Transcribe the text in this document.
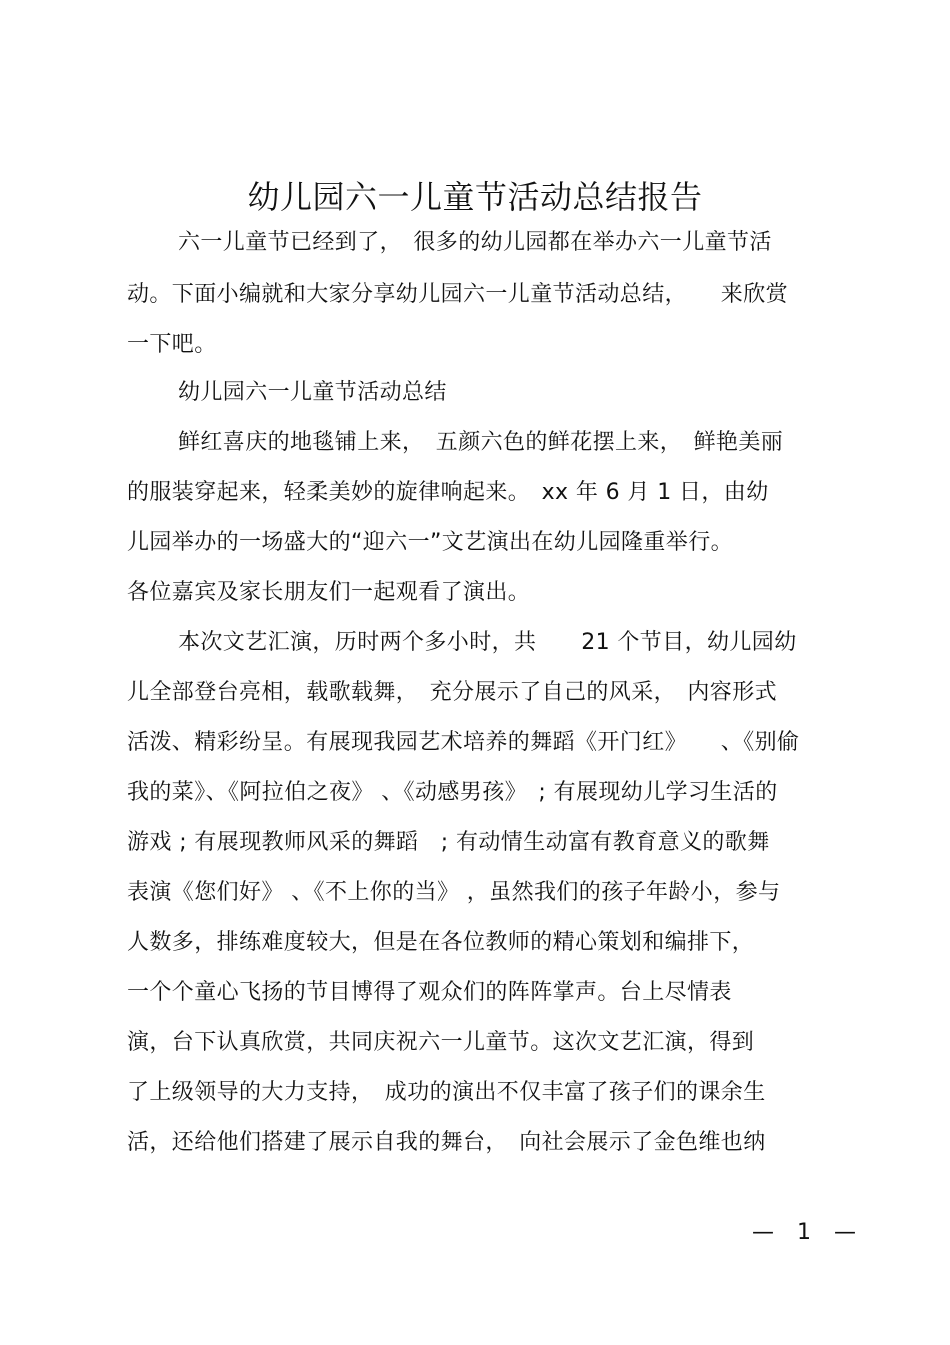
幼儿园六一儿童节活动总结报告
六一儿童节已经到了，　很多的幼儿园都在举办六一儿童节活
动。下面小编就和大家分享幼儿园六一儿童节活动总结，　　来欣赏
一下吧。
幼儿园六一儿童节活动总结
鲜红喜庆的地毯铺上来，　五颜六色的鲜花摆上来，　鲜艳美丽
的服装穿起来，轻柔美妙的旋律响起来。　xx 年 6 月 1 日，由幼
儿园举办的一场盛大的“迎六一”文艺演出在幼儿园隆重举行。
各位嘉宾及家长朋友们一起观看了演出。
本次文艺汇演，历时两个多小时，共　　21 个节目，幼儿园幼
儿全部登台亮相，载歌载舞，　充分展示了自己的风采，　内容形式
活泼、精彩纷呈。有展现我园艺术培养的舞蹈《开门红》　　、《别偷
我的菜》、《阿拉伯之夜》 、《动感男孩》　; 有展现幼儿学习生活的
游戏 ; 有展现教师风采的舞蹈　; 有动情生动富有教育意义的歌舞
表演《您们好》 、《不上你的当》 ，虽然我们的孩子年龄小，参与
人数多，排练难度较大，但是在各位教师的精心策划和编排下，
一个个童心飞扬的节目博得了观众们的阵阵掌声。台上尽情表
演，台下认真欣赏，共同庆祝六一儿童节。这次文艺汇演，得到
了上级领导的大力支持，　成功的演出不仅丰富了孩子们的课余生
活，还给他们搭建了展示自我的舞台，　向社会展示了金色维也纳
— 1 —
